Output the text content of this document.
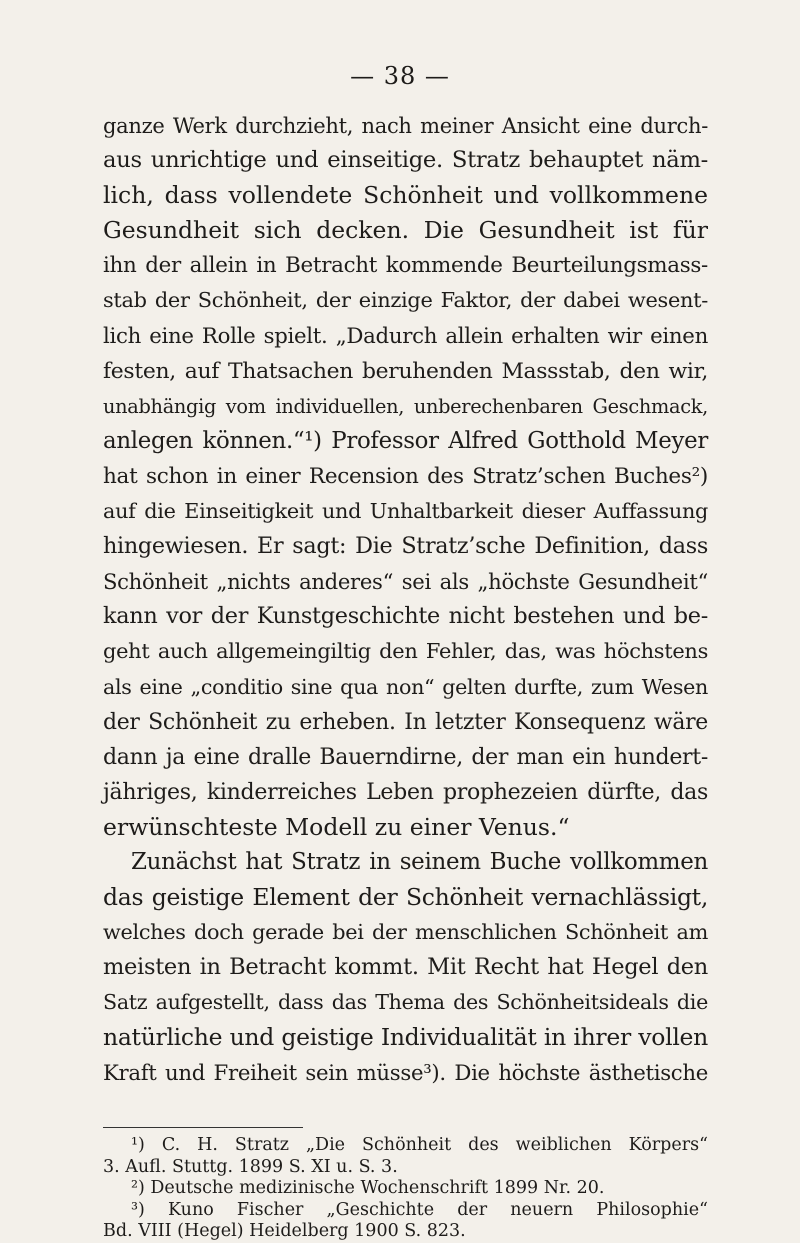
— 38 —
ganze Werk durchzieht, nach meiner Ansicht eine durch-
aus unrichtige und einseitige. Stratz behauptet näm-
lich, dass vollendete Schönheit und vollkommene
Gesundheit sich decken. Die Gesundheit ist für
ihn der allein in Betracht kommende Beurteilungsmass-
stab der Schönheit, der einzige Faktor, der dabei wesent-
lich eine Rolle spielt. „Dadurch allein erhalten wir einen
festen, auf Thatsachen beruhenden Massstab, den wir,
unabhängig vom individuellen, unberechenbaren Geschmack,
anlegen können.“¹) Professor Alfred Gotthold Meyer
hat schon in einer Recension des Stratz’schen Buches²)
auf die Einseitigkeit und Unhaltbarkeit dieser Auffassung
hingewiesen. Er sagt: Die Stratz’sche Definition, dass
Schönheit „nichts anderes“ sei als „höchste Gesundheit“
kann vor der Kunstgeschichte nicht bestehen und be-
geht auch allgemeingiltig den Fehler, das, was höchstens
als eine „conditio sine qua non“ gelten durfte, zum Wesen
der Schönheit zu erheben. In letzter Konsequenz wäre
dann ja eine dralle Bauerndirne, der man ein hundert-
jähriges, kinderreiches Leben prophezeien dürfte, das
erwünschteste Modell zu einer Venus.“
Zunächst hat Stratz in seinem Buche vollkommen
das geistige Element der Schönheit vernachlässigt,
welches doch gerade bei der menschlichen Schönheit am
meisten in Betracht kommt. Mit Recht hat Hegel den
Satz aufgestellt, dass das Thema des Schönheitsideals die
natürliche und geistige Individualität in ihrer vollen
Kraft und Freiheit sein müsse³). Die höchste ästhetische
¹) C. H. Stratz „Die Schönheit des weiblichen Körpers“
3. Aufl. Stuttg. 1899 S. XI u. S. 3.
²) Deutsche medizinische Wochenschrift 1899 Nr. 20.
³) Kuno Fischer „Geschichte der neuern Philosophie“
Bd. VIII (Hegel) Heidelberg 1900 S. 823.
